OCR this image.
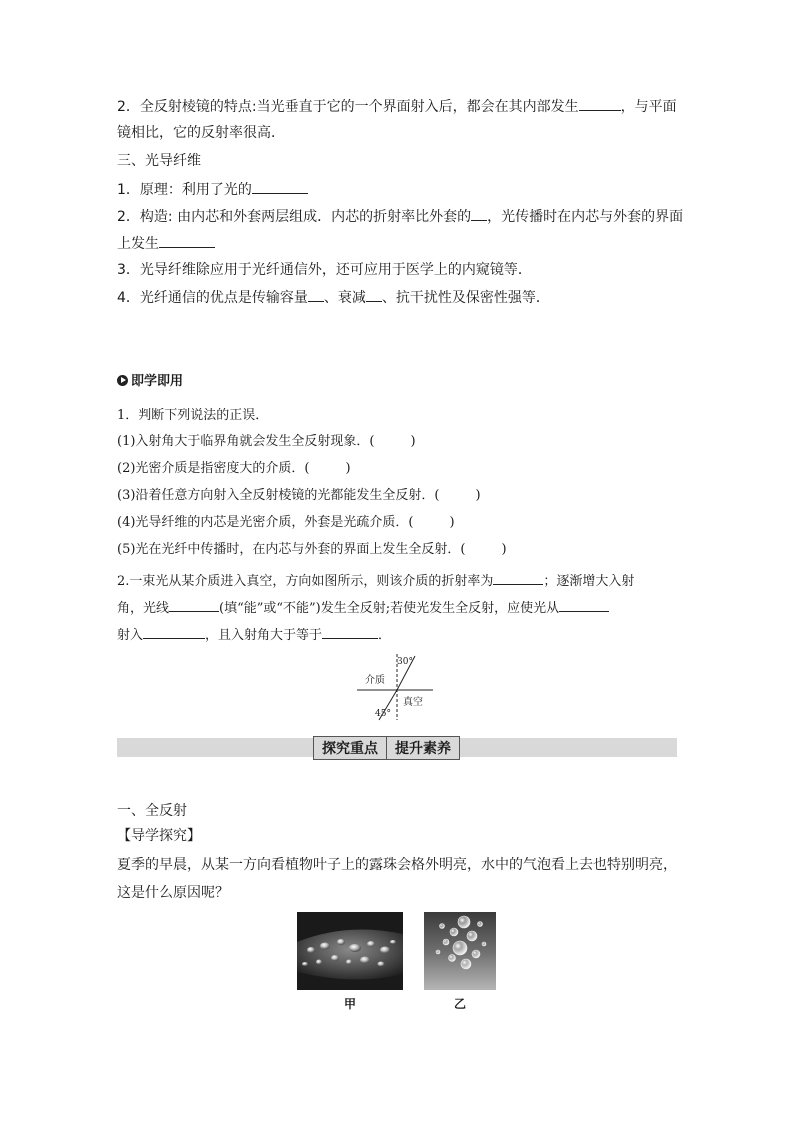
2．全反射棱镜的特点:当光垂直于它的一个界面射入后，都会在其内部发生	，与平面
镜相比，它的反射率很高．
三、光导纤维
1．原理：利用了光的
2．构造: 由内芯和外套两层组成．内芯的折射率比外套的 ，光传播时在内芯与外套的界面
上发生
3．光导纤维除应用于光纤通信外，还可应用于医学上的内窥镜等．
4．光纤通信的优点是传输容量 、衰减 、抗干扰性及保密性强等．
即学即用
1．判断下列说法的正误．
(1)入射角大于临界角就会发生全反射现象．(	)
(2)光密介质是指密度大的介质．(	)
(3)沿着任意方向射入全反射棱镜的光都能发生全反射．(	)
(4)光导纤维的内芯是光密介质，外套是光疏介质．(	)
(5)光在光纤中传播时，在内芯与外套的界面上发生全反射．(	)
2.一束光从某介质进入真空，方向如图所示，则该介质的折射率为	；逐渐增大入射
角，光线	(填“能”或“不能”)发生全反射;若使光发生全反射，应使光从
射入	，且入射角大于等于	．
30°
介质
真空
45°
探究重点	提升素养
一、全反射
【导学探究】
夏季的早晨，从某一方向看植物叶子上的露珠会格外明亮，水中的气泡看上去也特别明亮，
这是什么原因呢？
甲	乙
